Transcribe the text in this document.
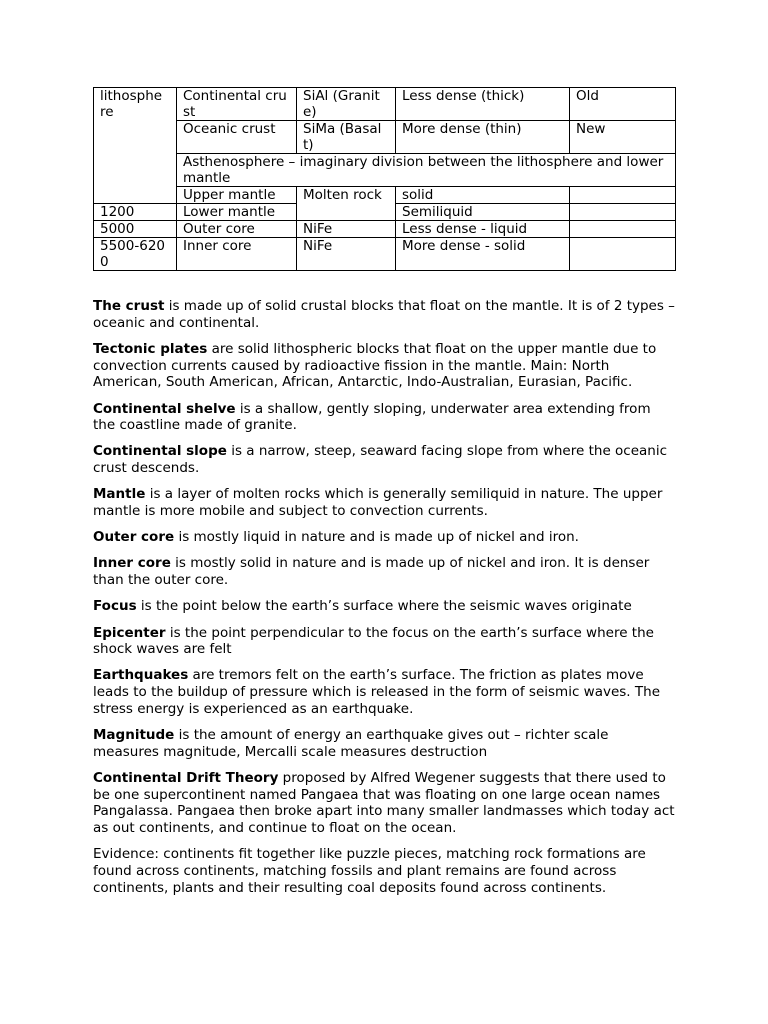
lithosphe re	Continental crust	SiAl (Granite)	Less dense (thick)	Old
	Oceanic crust	SiMa (Basalt)	More dense (thin)	New
	Asthenosphere – imaginary division between the lithosphere and lower mantle			
	Upper mantle	Molten rock	solid	
1200	Lower mantle		Semiliquid	
5000	Outer core	NiFe	Less dense - liquid	
5500-6200	Inner core	NiFe	More dense - solid	

The crust is made up of solid crustal blocks that float on the mantle. It is of 2 types – oceanic and continental.

Tectonic plates are solid lithospheric blocks that float on the upper mantle due to convection currents caused by radioactive fission in the mantle. Main: North American, South American, African, Antarctic, Indo-Australian, Eurasian, Pacific.

Continental shelve is a shallow, gently sloping, underwater area extending from the coastline made of granite.

Continental slope is a narrow, steep, seaward facing slope from where the oceanic crust descends.

Mantle is a layer of molten rocks which is generally semiliquid in nature. The upper mantle is more mobile and subject to convection currents.

Outer core is mostly liquid in nature and is made up of nickel and iron.

Inner core is mostly solid in nature and is made up of nickel and iron. It is denser than the outer core.

Focus is the point below the earth’s surface where the seismic waves originate

Epicenter is the point perpendicular to the focus on the earth’s surface where the shock waves are felt

Earthquakes are tremors felt on the earth’s surface. The friction as plates move leads to the buildup of pressure which is released in the form of seismic waves. The stress energy is experienced as an earthquake.

Magnitude is the amount of energy an earthquake gives out – richter scale measures magnitude, Mercalli scale measures destruction

Continental Drift Theory proposed by Alfred Wegener suggests that there used to be one supercontinent named Pangaea that was floating on one large ocean names Pangalassa. Pangaea then broke apart into many smaller landmasses which today act as out continents, and continue to float on the ocean.

Evidence: continents fit together like puzzle pieces, matching rock formations are found across continents, matching fossils and plant remains are found across continents, plants and their resulting coal deposits found across continents.
